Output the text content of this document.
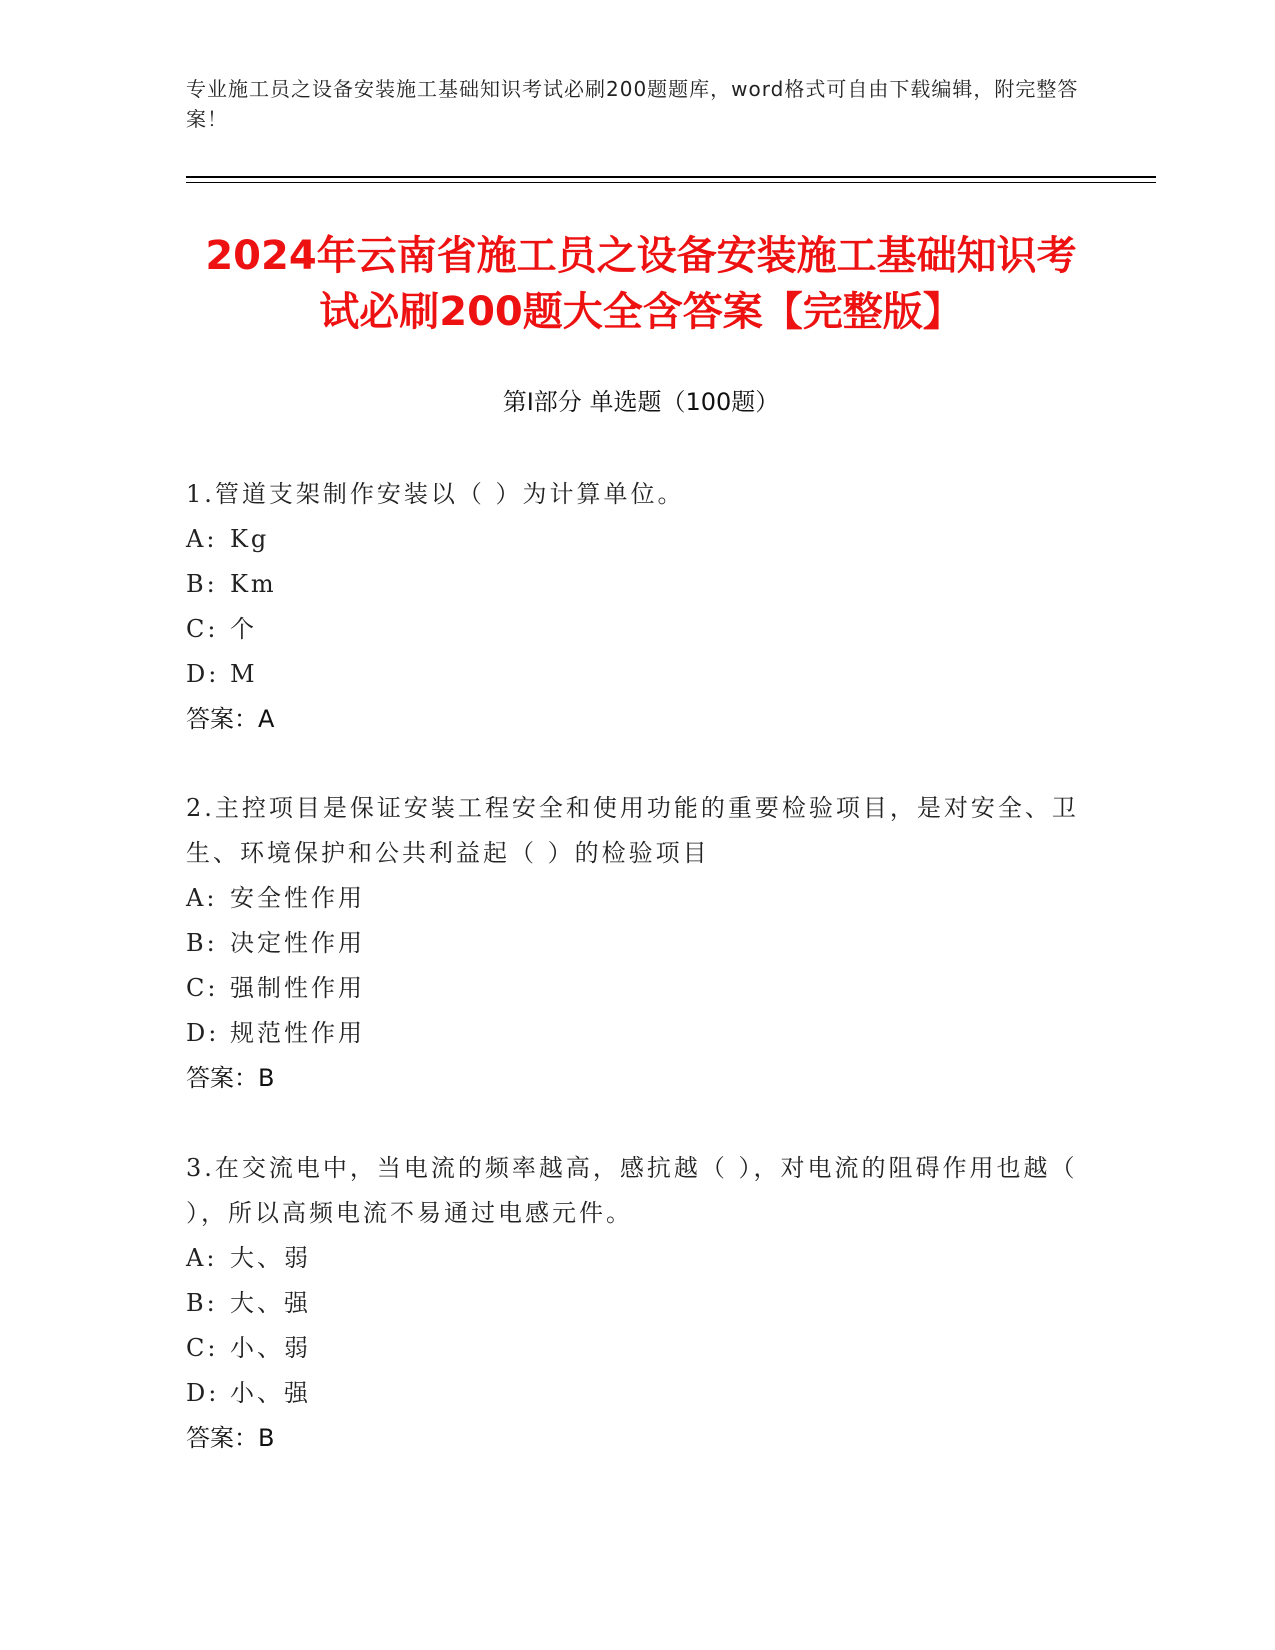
专业施工员之设备安装施工基础知识考试必刷200题题库，word格式可自由下载编辑，附完整答案！
2024年云南省施工员之设备安装施工基础知识考试必刷200题大全含答案【完整版】
第Ⅰ部分 单选题（100题）
1.管道支架制作安装以（ ）为计算单位。
A: Kg
B: Km
C: 个
D: M
答案：A
2.主控项目是保证安装工程安全和使用功能的重要检验项目，是对安全、卫生、环境保护和公共利益起（ ）的检验项目
A: 安全性作用
B: 决定性作用
C: 强制性作用
D: 规范性作用
答案：B
3.在交流电中，当电流的频率越高，感抗越（ ），对电流的阻碍作用也越（ ），所以高频电流不易通过电感元件。
A: 大、弱
B: 大、强
C: 小、弱
D: 小、强
答案：B
